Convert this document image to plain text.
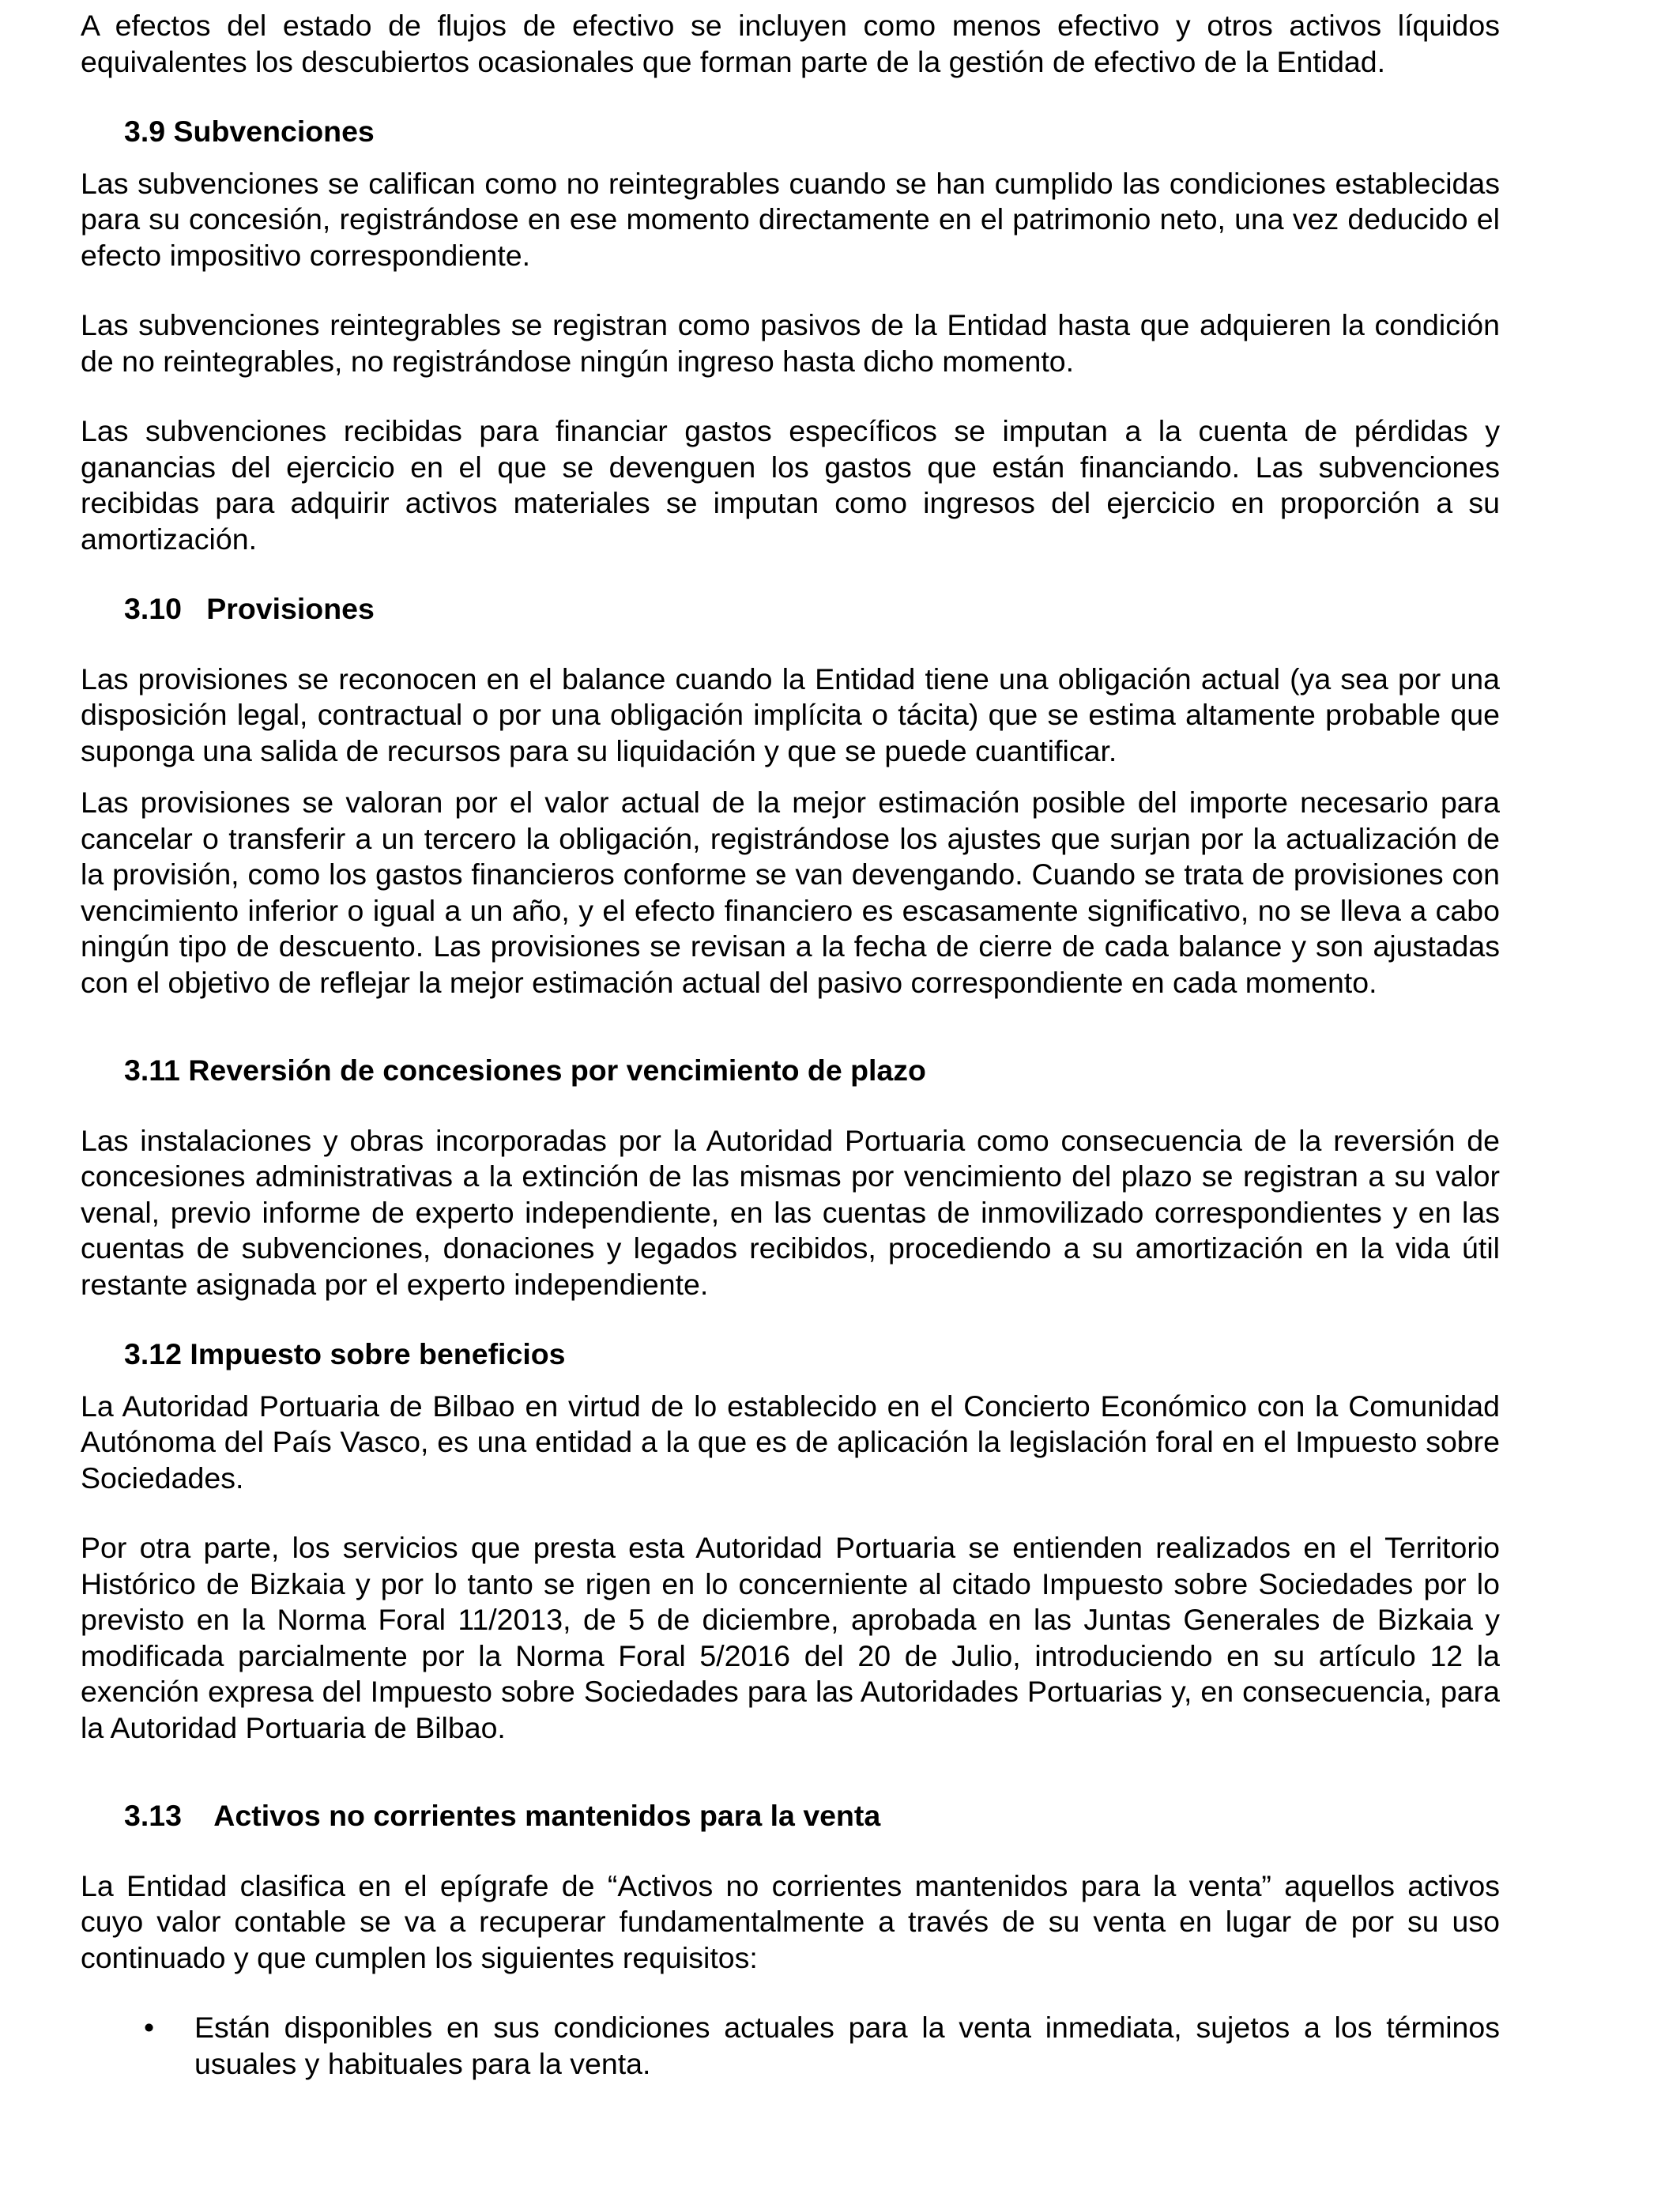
A efectos del estado de flujos de efectivo se incluyen como menos efectivo y otros activos líquidos equivalentes los descubiertos ocasionales que forman parte de la gestión de efectivo de la Entidad.

3.9 Subvenciones

Las subvenciones se califican como no reintegrables cuando se han cumplido las condiciones establecidas para su concesión, registrándose en ese momento directamente en el patrimonio neto, una vez deducido el efecto impositivo correspondiente.

Las subvenciones reintegrables se registran como pasivos de la Entidad hasta que adquieren la condición de no reintegrables, no registrándose ningún ingreso hasta dicho momento.

Las subvenciones recibidas para financiar gastos específicos se imputan a la cuenta de pérdidas y ganancias del ejercicio en el que se devenguen los gastos que están financiando. Las subvenciones recibidas para adquirir activos materiales se imputan como ingresos del ejercicio en proporción a su amortización.

3.10   Provisiones

Las provisiones se reconocen en el balance cuando la Entidad tiene una obligación actual (ya sea por una disposición legal, contractual o por una obligación implícita o tácita) que se estima altamente probable que suponga una salida de recursos para su liquidación y que se puede cuantificar.

Las provisiones se valoran por el valor actual de la mejor estimación posible del importe necesario para cancelar o transferir a un tercero la obligación, registrándose los ajustes que surjan por la actualización de la provisión, como los gastos financieros conforme se van devengando. Cuando se trata de provisiones con vencimiento inferior o igual a un año, y el efecto financiero es escasamente significativo, no se lleva a cabo ningún tipo de descuento. Las provisiones se revisan a la fecha de cierre de cada balance y son ajustadas con el objetivo de reflejar la mejor estimación actual del pasivo correspondiente en cada momento.

3.11 Reversión de concesiones por vencimiento de plazo

Las instalaciones y obras incorporadas por la Autoridad Portuaria como consecuencia de la reversión de concesiones administrativas a la extinción de las mismas por vencimiento del plazo se registran a su valor venal, previo informe de experto independiente, en las cuentas de inmovilizado correspondientes y en las cuentas de subvenciones, donaciones y legados recibidos, procediendo a su amortización en la vida útil restante asignada por el experto independiente.

3.12 Impuesto sobre beneficios

La Autoridad Portuaria de Bilbao en virtud de lo establecido en el Concierto Económico con la Comunidad Autónoma del País Vasco, es una entidad a la que es de aplicación la legislación foral en el Impuesto sobre Sociedades.

Por otra parte, los servicios que presta esta Autoridad Portuaria se entienden realizados en el Territorio Histórico de Bizkaia y por lo tanto se rigen en lo concerniente al citado Impuesto sobre Sociedades por lo previsto en la Norma Foral 11/2013, de 5 de diciembre, aprobada en las Juntas Generales de Bizkaia y modificada parcialmente por la Norma Foral 5/2016 del 20 de Julio, introduciendo en su artículo 12 la exención expresa del Impuesto sobre Sociedades para las Autoridades Portuarias y, en consecuencia, para la Autoridad Portuaria de Bilbao.

3.13    Activos no corrientes mantenidos para la venta

La Entidad clasifica en el epígrafe de “Activos no corrientes mantenidos para la venta” aquellos activos cuyo valor contable se va a recuperar fundamentalmente a través de su venta en lugar de por su uso continuado y que cumplen los siguientes requisitos:

• Están disponibles en sus condiciones actuales para la venta inmediata, sujetos a los términos usuales y habituales para la venta.
